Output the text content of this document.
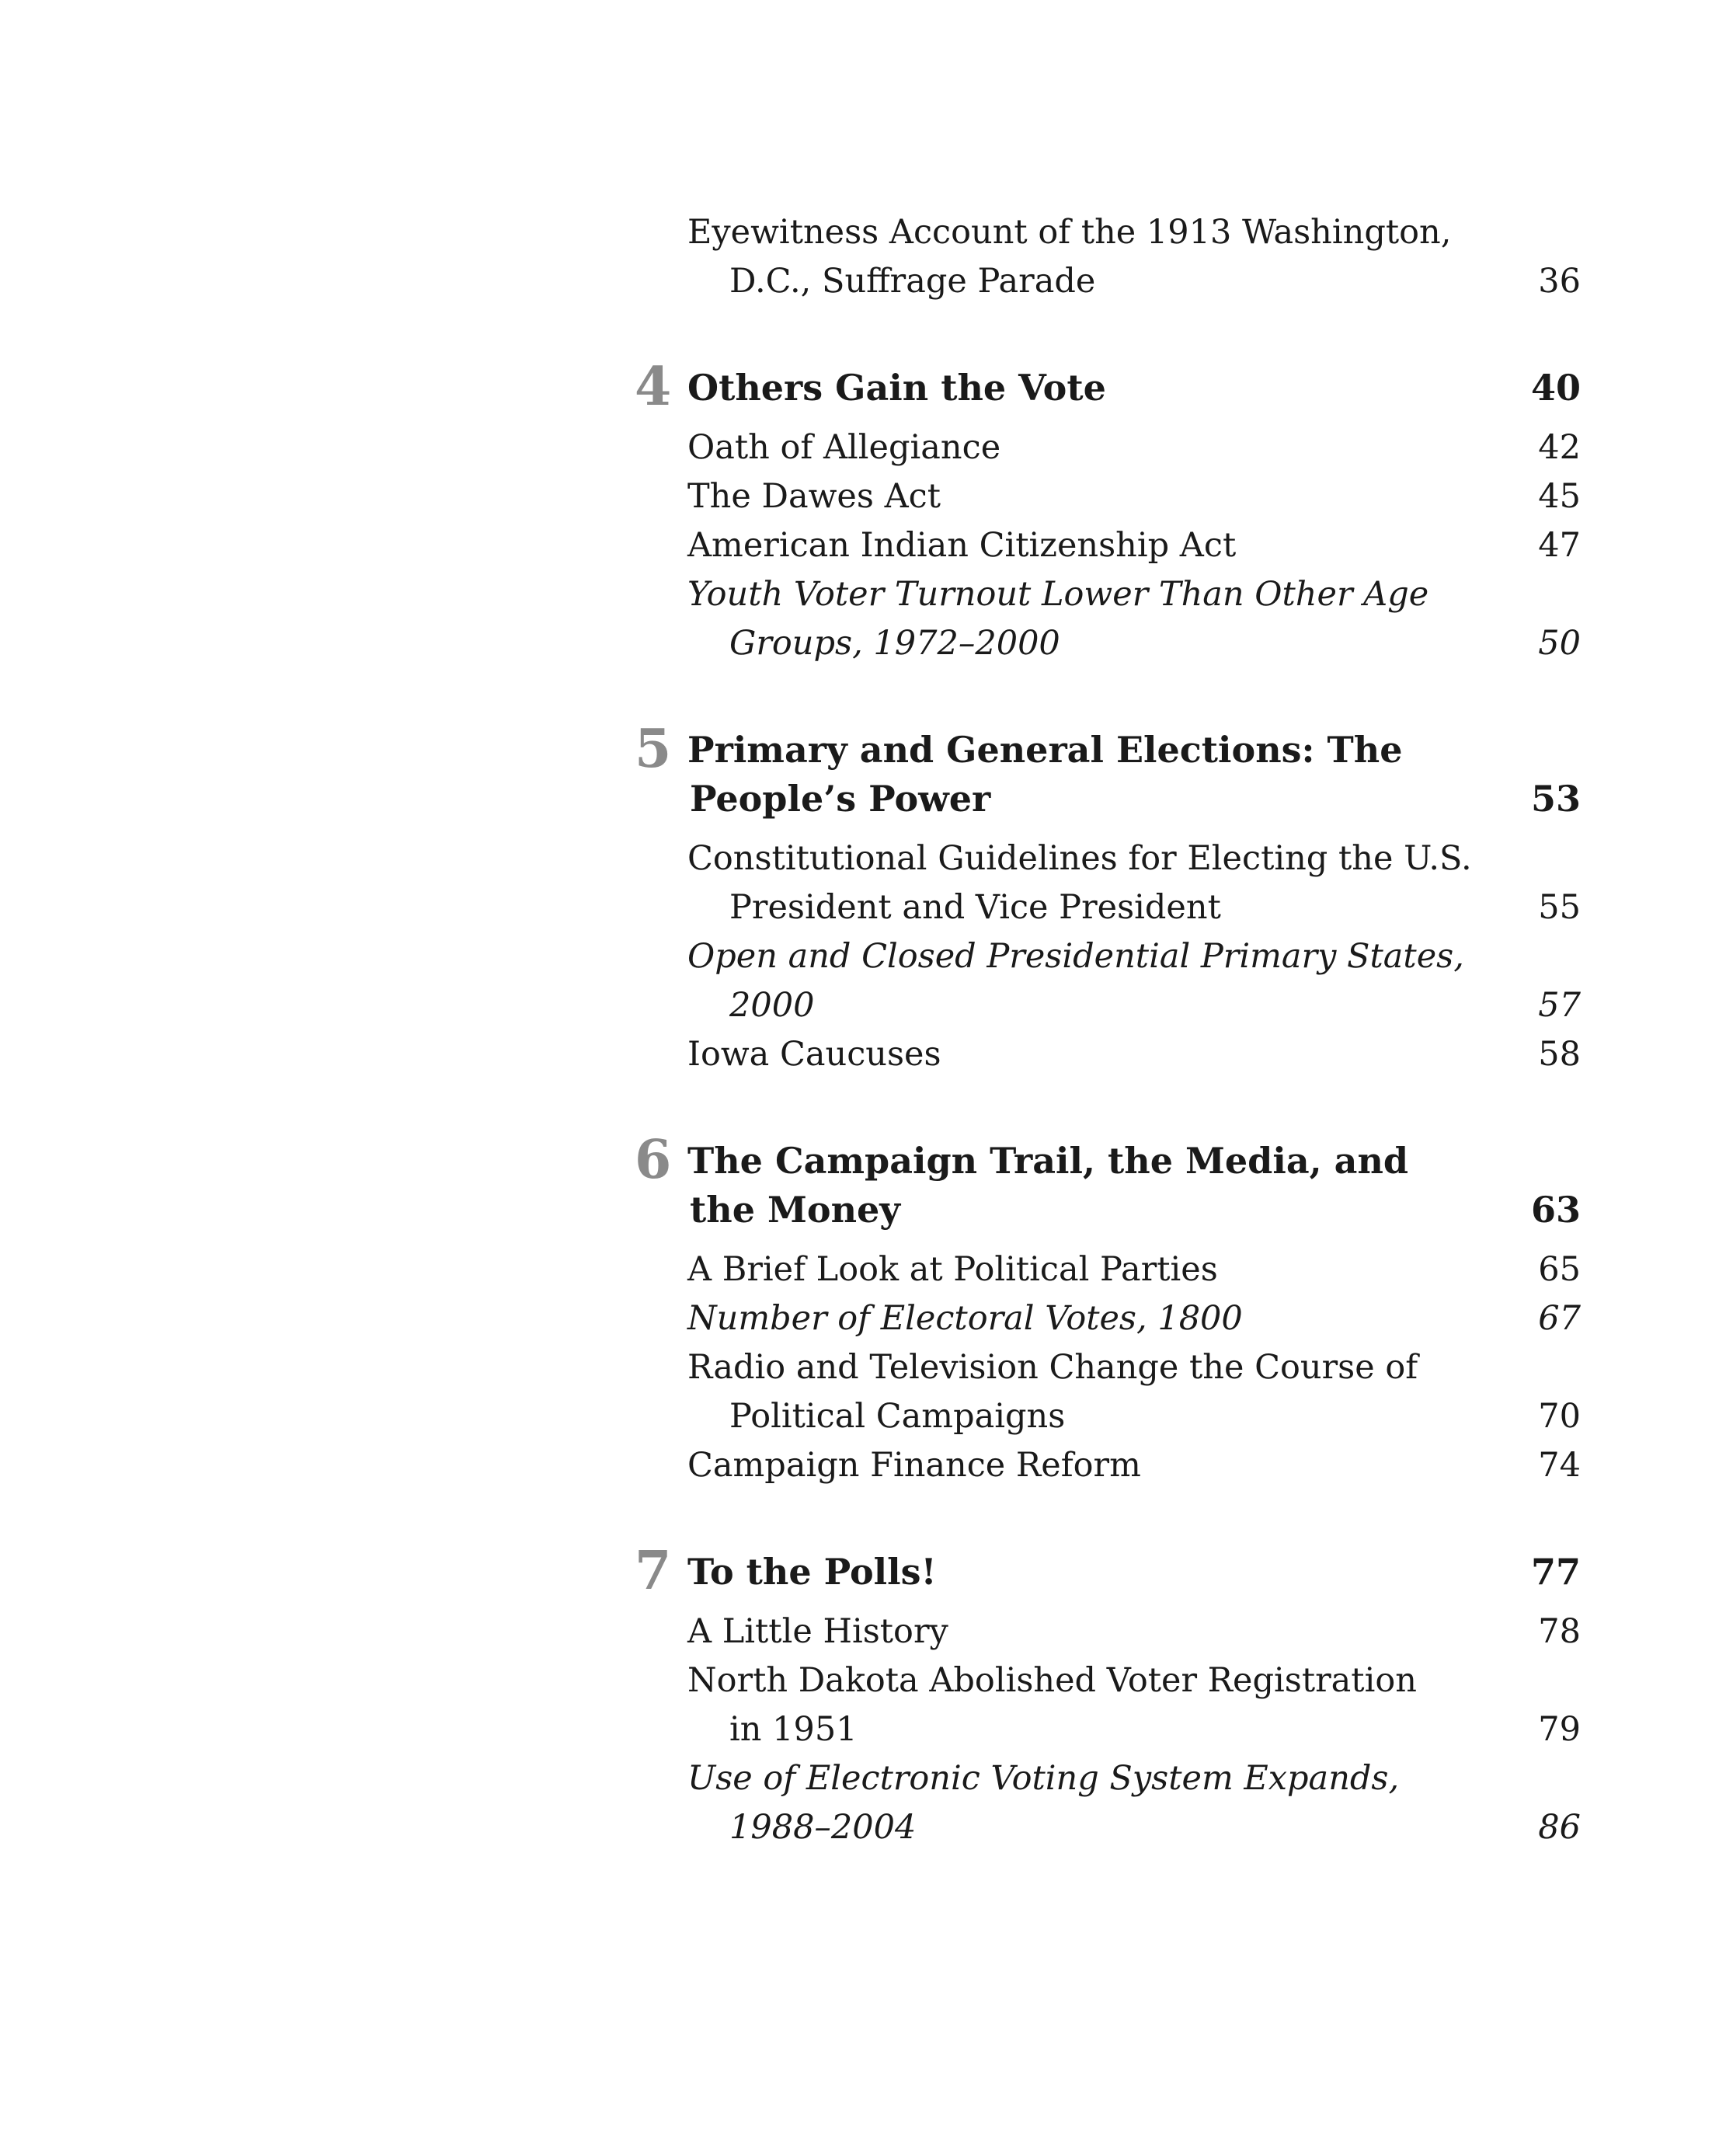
Eyewitness Account of the 1913 Washington,
D.C., Suffrage Parade	36
4 Others Gain the Vote	40
Oath of Allegiance	42
The Dawes Act	45
American Indian Citizenship Act	47
Youth Voter Turnout Lower Than Other Age
Groups, 1972–2000	50
5 Primary and General Elections: The
People’s Power	53
Constitutional Guidelines for Electing the U.S.
President and Vice President	55
Open and Closed Presidential Primary States,
2000	57
Iowa Caucuses	58
6 The Campaign Trail, the Media, and
the Money	63
A Brief Look at Political Parties	65
Number of Electoral Votes, 1800	67
Radio and Television Change the Course of
Political Campaigns	70
Campaign Finance Reform	74
7 To the Polls!	77
A Little History	78
North Dakota Abolished Voter Registration
in 1951	79
Use of Electronic Voting System Expands,
1988–2004	86
